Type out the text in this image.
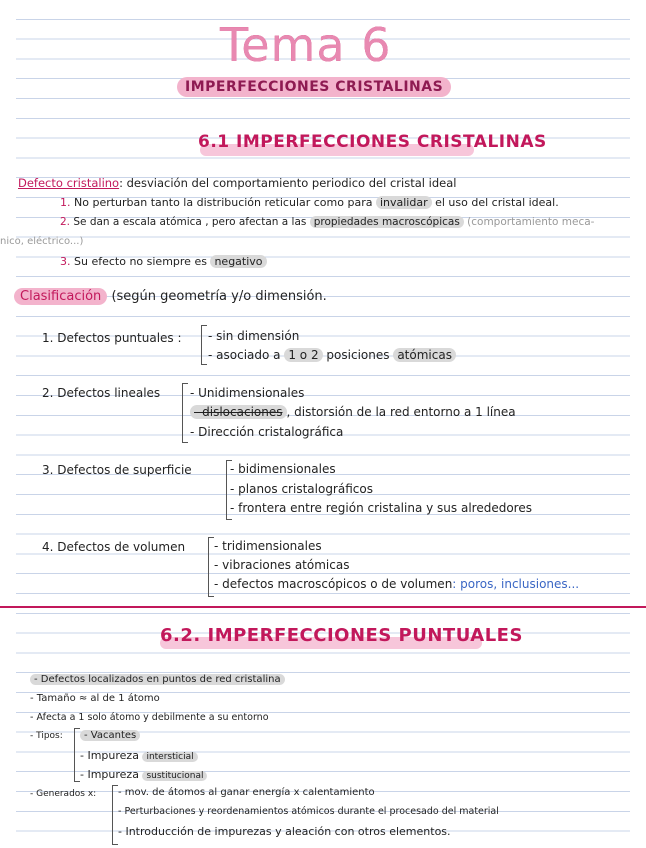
Tema 6
IMPERFECCIONES CRISTALINAS
6.1 IMPERFECCIONES CRISTALINAS
Defecto cristalino: desviación del comportamiento periodico del cristal ideal
1. No perturban tanto la distribución reticular como para invalidar el uso del cristal ideal.
2. Se dan a escala atómica , pero afectan a las propiedades macroscópicas (comportamiento meca-
nico, eléctrico...)
3. Su efecto no siempre es negativo
Clasificación (según geometría y/o dimensión.
1. Defectos puntuales : - sin dimensión
- asociado a 1 o 2 posiciones atómicas
2. Defectos lineales - Unidimensionales
- dislocaciones , distorsión de la red entorno a 1 línea
- Dirección cristalográfica
3. Defectos de superficie	- bidimensionales
- planos cristalográficos
- frontera entre región cristalina y sus alrededores
4. Defectos de volumen - tridimensionales
- vibraciones atómicas
- defectos macroscópicos o de volumen: poros, inclusiones...
6.2. IMPERFECCIONES PUNTUALES
- Defectos localizados en puntos de red cristalina
- Tamaño ≈ al de 1 átomo
- Afecta a 1 solo átomo y debilmente a su entorno
- Tipos:	- Vacantes
- Impureza intersticial
- Impureza sustitucional
- Generados x: - mov. de átomos al ganar energía x calentamiento
- Perturbaciones y reordenamientos atómicos durante el procesado del material
- Introducción de impurezas y aleación con otros elementos.
